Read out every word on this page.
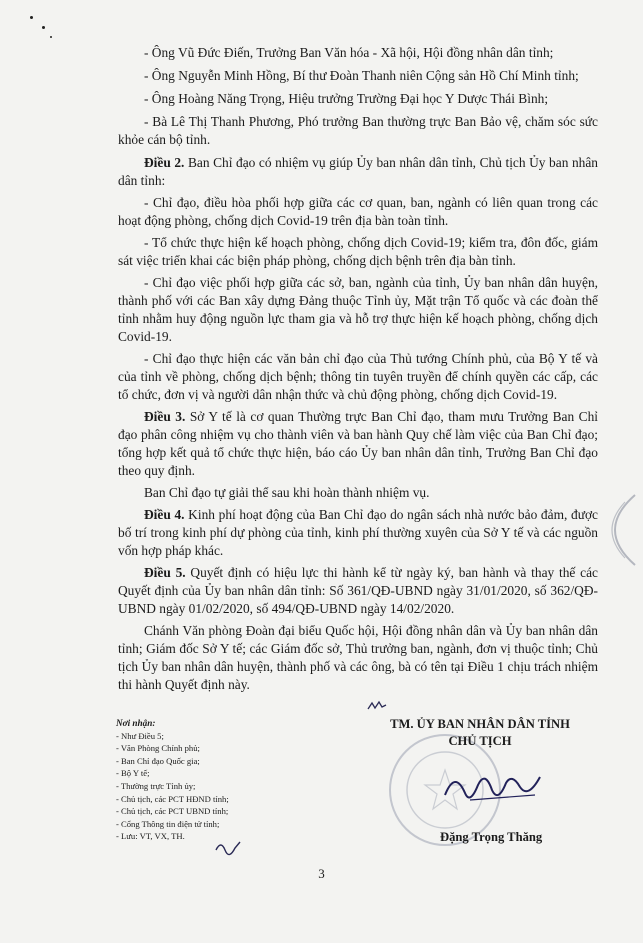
- Ông Vũ Đức Điến, Trưởng Ban Văn hóa - Xã hội, Hội đồng nhân dân tỉnh;

- Ông Nguyễn Minh Hồng, Bí thư Đoàn Thanh niên Cộng sản Hồ Chí Minh tỉnh;

- Ông Hoàng Năng Trọng, Hiệu trưởng Trường Đại học Y Dược Thái Bình;

- Bà Lê Thị Thanh Phương, Phó trưởng Ban thường trực Ban Bảo vệ, chăm sóc sức khỏe cán bộ tỉnh.

Điều 2. Ban Chỉ đạo có nhiệm vụ giúp Ủy ban nhân dân tỉnh, Chủ tịch Ủy ban nhân dân tỉnh:

- Chỉ đạo, điều hòa phối hợp giữa các cơ quan, ban, ngành có liên quan trong các hoạt động phòng, chống dịch Covid-19 trên địa bàn toàn tỉnh.

- Tổ chức thực hiện kế hoạch phòng, chống dịch Covid-19; kiểm tra, đôn đốc, giám sát việc triển khai các biện pháp phòng, chống dịch bệnh trên địa bàn tỉnh.

- Chỉ đạo việc phối hợp giữa các sở, ban, ngành của tỉnh, Ủy ban nhân dân huyện, thành phố với các Ban xây dựng Đảng thuộc Tỉnh ủy, Mặt trận Tổ quốc và các đoàn thể tỉnh nhằm huy động nguồn lực tham gia và hỗ trợ thực hiện kế hoạch phòng, chống dịch Covid-19.

- Chỉ đạo thực hiện các văn bản chỉ đạo của Thủ tướng Chính phủ, của Bộ Y tế và của tỉnh về phòng, chống dịch bệnh; thông tin tuyên truyền để chính quyền các cấp, các tổ chức, đơn vị và người dân nhận thức và chủ động phòng, chống dịch Covid-19.

Điều 3. Sở Y tế là cơ quan Thường trực Ban Chỉ đạo, tham mưu Trưởng Ban Chỉ đạo phân công nhiệm vụ cho thành viên và ban hành Quy chế làm việc của Ban Chỉ đạo; tổng hợp kết quả tổ chức thực hiện, báo cáo Ủy ban nhân dân tỉnh, Trưởng Ban Chỉ đạo theo quy định.

Ban Chỉ đạo tự giải thể sau khi hoàn thành nhiệm vụ.

Điều 4. Kinh phí hoạt động của Ban Chỉ đạo do ngân sách nhà nước bảo đảm, được bố trí trong kinh phí dự phòng của tỉnh, kinh phí thường xuyên của Sở Y tế và các nguồn vốn hợp pháp khác.

Điều 5. Quyết định có hiệu lực thi hành kể từ ngày ký, ban hành và thay thế các Quyết định của Ủy ban nhân dân tỉnh: Số 361/QĐ-UBND ngày 31/01/2020, số 362/QĐ-UBND ngày 01/02/2020, số 494/QĐ-UBND ngày 14/02/2020.

Chánh Văn phòng Đoàn đại biểu Quốc hội, Hội đồng nhân dân và Ủy ban nhân dân tỉnh; Giám đốc Sở Y tế; các Giám đốc sở, Thủ trưởng ban, ngành, đơn vị thuộc tỉnh; Chủ tịch Ủy ban nhân dân huyện, thành phố và các ông, bà có tên tại Điều 1 chịu trách nhiệm thi hành Quyết định này.

Nơi nhận:
- Như Điều 5;
- Văn Phòng Chính phủ;
- Ban Chỉ đạo Quốc gia;
- Bộ Y tế;
- Thường trực Tỉnh ủy;
- Chủ tịch, các PCT HĐND tỉnh;
- Chủ tịch, các PCT UBND tỉnh;
- Cổng Thông tin điện tử tỉnh;
- Lưu: VT, VX, TH.
TM. ỦY BAN NHÂN DÂN TỈNH
CHỦ TỊCH
Đặng Trọng Thăng
3
